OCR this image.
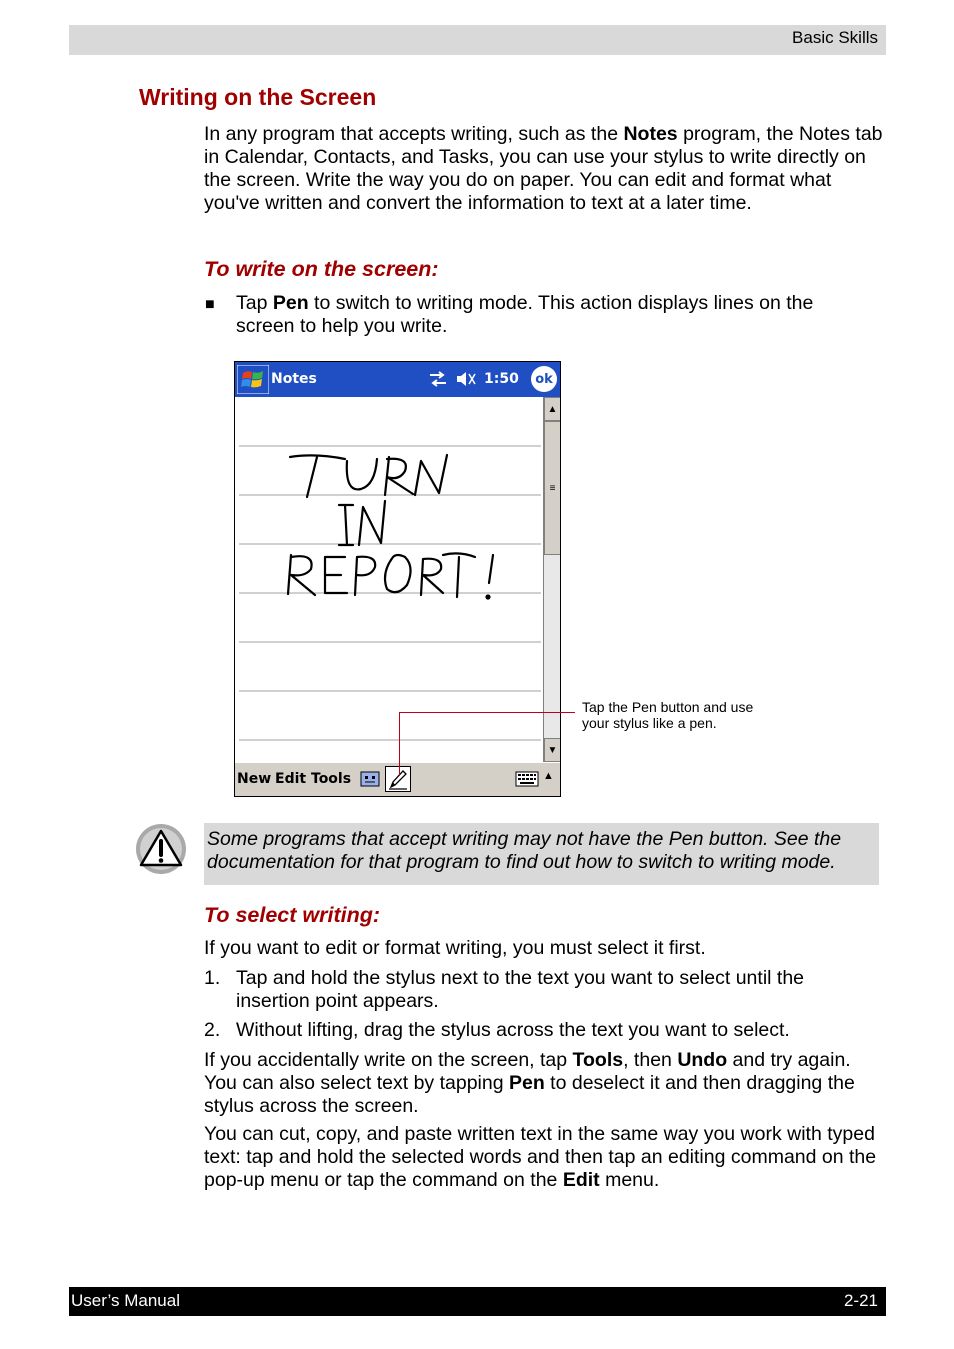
Basic Skills
Writing on the Screen

In any program that accepts writing, such as the Notes program, the Notes tab in Calendar, Contacts, and Tasks, you can use your stylus to write directly on the screen. Write the way you do on paper. You can edit and format what you've written and convert the information to text at a later time.

To write on the screen:
■ Tap Pen to switch to writing mode. This action displays lines on the screen to help you write.

Notes	1:50	ok
▲
≡
▼
New Edit Tools	▲

Tap the Pen button and use your stylus like a pen.

Some programs that accept writing may not have the Pen button. See the documentation for that program to find out how to switch to writing mode.

To select writing:

If you want to edit or format writing, you must select it first.

1. Tap and hold the stylus next to the text you want to select until the insertion point appears.

2. Without lifting, drag the stylus across the text you want to select.

If you accidentally write on the screen, tap Tools, then Undo and try again. You can also select text by tapping Pen to deselect it and then dragging the stylus across the screen.

You can cut, copy, and paste written text in the same way you work with typed text: tap and hold the selected words and then tap an editing command on the pop-up menu or tap the command on the Edit menu.

User’s Manual	2-21
